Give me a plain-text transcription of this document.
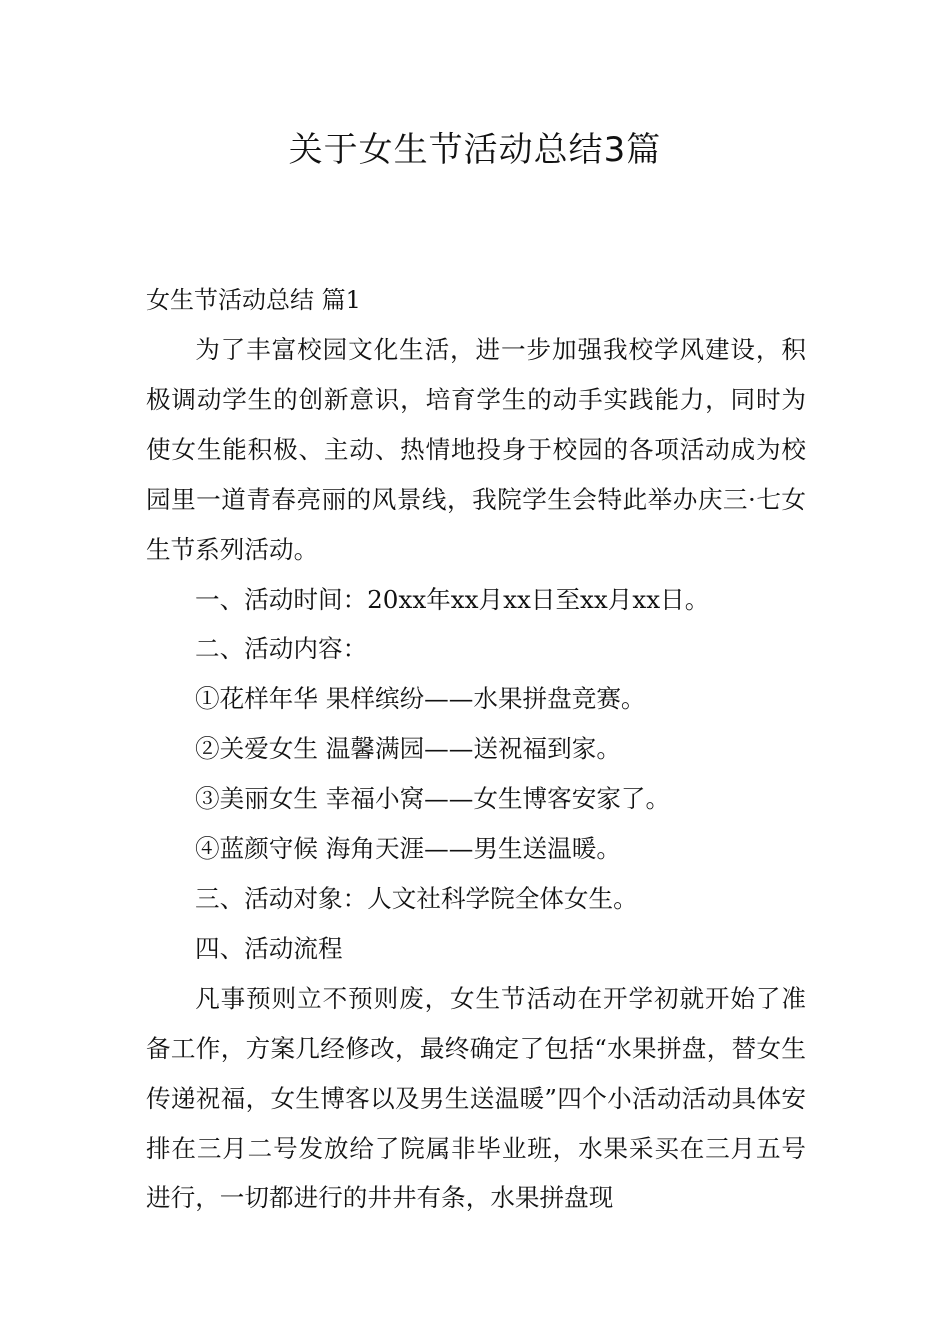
关于女生节活动总结3篇

女生节活动总结 篇1

为了丰富校园文化生活，进一步加强我校学风建设，积极调动学生的创新意识，培育学生的动手实践能力，同时为使女生能积极、主动、热情地投身于校园的各项活动成为校园里一道青春亮丽的风景线，我院学生会特此举办庆三·七女生节系列活动。

一、活动时间：20xx年xx月xx日至xx月xx日。

二、活动内容：

①花样年华 果样缤纷——水果拼盘竞赛。

②关爱女生 温馨满园——送祝福到家。

③美丽女生 幸福小窝——女生博客安家了。

④蓝颜守候 海角天涯——男生送温暖。

三、活动对象：人文社科学院全体女生。

四、活动流程

凡事预则立不预则废，女生节活动在开学初就开始了准备工作，方案几经修改，最终确定了包括“水果拼盘，替女生传递祝福，女生博客以及男生送温暖”四个小活动活动具体安排在三月二号发放给了院属非毕业班，水果采买在三月五号进行，一切都进行的井井有条，水果拼盘现
